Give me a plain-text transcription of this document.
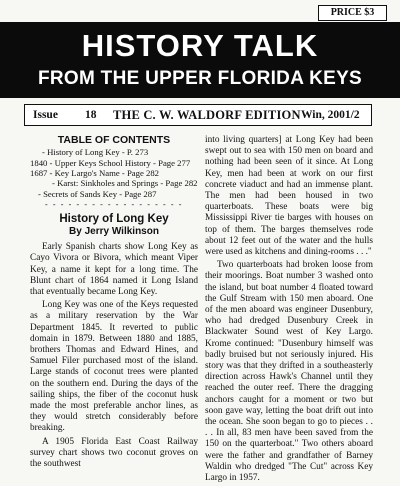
PRICE $3
HISTORY TALK
FROM THE UPPER FLORIDA KEYS
Issue 18 THE C. W. WALDORF EDITION Win, 2001/2
TABLE OF CONTENTS
- History of Long Key - P. 273
1840 - Upper Keys School History - Page 277
1687 - Key Largo's Name - Page 282
- Karst: Sinkholes and Springs - Page 282
- Secrets of Sands Key - Page 287
- - - - - - - - - - - - - - - - - -
History of Long Key
By Jerry Wilkinson

Early Spanish charts show Long Key as Cayo Vivora or Bivora, which meant Viper Key, a name it kept for a long time. The Blunt chart of 1864 named it Long Island that eventually became Long Key.

Long Key was one of the Keys requested as a military reservation by the War Department 1845. It reverted to public domain in 1879. Between 1880 and 1885, brothers Thomas and Edward Hines, and Samuel Filer purchased most of the island. Large stands of coconut trees were planted on the southern end. During the days of the sailing ships, the fiber of the coconut husk made the most preferable anchor lines, as they would stretch considerably before breaking.

A 1905 Florida East Coast Railway survey chart shows two coconut groves on the southwest

into living quarters] at Long Key had been swept out to sea with 150 men on board and nothing had been seen of it since. At Long Key, men had been at work on our first concrete viaduct and had an immense plant. The men had been housed in two quarterboats. These boats were big Mississippi River tie barges with houses on top of them. The barges themselves rode about 12 feet out of the water and the hulls were used as kitchens and dining-rooms . . ."

Two quarterboats had broken loose from their moorings. Boat number 3 washed onto the island, but boat number 4 floated toward the Gulf Stream with 150 men aboard. One of the men aboard was engineer Dusenbury, who had dredged Dusenbury Creek in Blackwater Sound west of Key Largo. Krome continued: "Dusenbury himself was badly bruised but not seriously injured. His story was that they drifted in a southeasterly direction across Hawk's Channel until they reached the outer reef. There the dragging anchors caught for a moment or two but soon gave way, letting the boat drift out into the ocean. She soon began to go to pieces . . . . In all, 83 men have been saved from the 150 on the quarterboat." Two others aboard were the father and grandfather of Barney Waldin who dredged "The Cut" across Key Largo in 1957.
